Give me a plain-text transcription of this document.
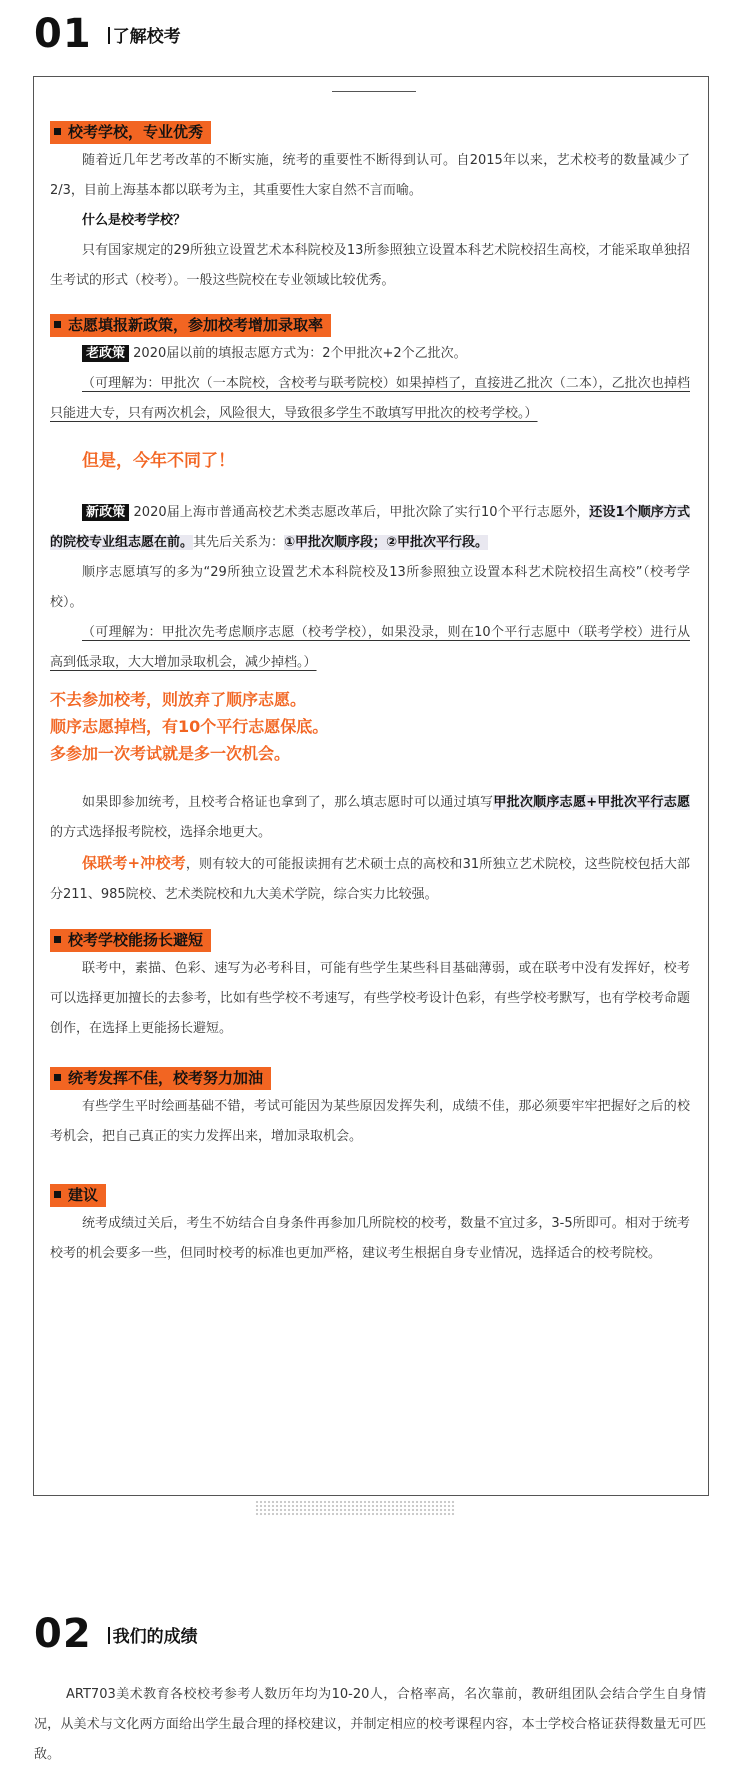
01 了解校考
校考学校，专业优秀
随着近几年艺考改革的不断实施，统考的重要性不断得到认可。自2015年以来，艺术校考的数量减少了2/3，目前上海基本都以联考为主，其重要性大家自然不言而喻。
什么是校考学校？
只有国家规定的29所独立设置艺术本科院校及13所参照独立设置本科艺术院校招生高校，才能采取单独招生考试的形式（校考）。一般这些院校在专业领域比较优秀。
志愿填报新政策，参加校考增加录取率
老政策 2020届以前的填报志愿方式为：2个甲批次+2个乙批次。
（可理解为：甲批次（一本院校，含校考与联考院校）如果掉档了，直接进乙批次（二本），乙批次也掉档只能进大专，只有两次机会，风险很大，导致很多学生不敢填写甲批次的校考学校。）
但是，今年不同了！
新政策 2020届上海市普通高校艺术类志愿改革后，甲批次除了实行10个平行志愿外，还设1个顺序方式的院校专业组志愿在前。其先后关系为：①甲批次顺序段；②甲批次平行段。
顺序志愿填写的多为“29所独立设置艺术本科院校及13所参照独立设置本科艺术院校招生高校”（校考学校）。
（可理解为：甲批次先考虑顺序志愿（校考学校），如果没录，则在10个平行志愿中（联考学校）进行从高到低录取，大大增加录取机会，减少掉档。）
不去参加校考，则放弃了顺序志愿。
顺序志愿掉档，有10个平行志愿保底。
多参加一次考试就是多一次机会。
如果即参加统考，且校考合格证也拿到了，那么填志愿时可以通过填写甲批次顺序志愿+甲批次平行志愿的方式选择报考院校，选择余地更大。
保联考+冲校考，则有较大的可能报读拥有艺术硕士点的高校和31所独立艺术院校，这些院校包括大部分211、985院校、艺术类院校和九大美术学院，综合实力比较强。
校考学校能扬长避短
联考中，素描、色彩、速写为必考科目，可能有些学生某些科目基础薄弱，或在联考中没有发挥好，校考可以选择更加擅长的去参考，比如有些学校不考速写，有些学校考设计色彩，有些学校考默写，也有学校考命题创作，在选择上更能扬长避短。
统考发挥不佳，校考努力加油
有些学生平时绘画基础不错，考试可能因为某些原因发挥失利，成绩不佳，那必须要牢牢把握好之后的校考机会，把自己真正的实力发挥出来，增加录取机会。
建议
统考成绩过关后，考生不妨结合自身条件再参加几所院校的校考，数量不宜过多，3-5所即可。相对于统考校考的机会要多一些，但同时校考的标准也更加严格，建议考生根据自身专业情况，选择适合的校考院校。
02 我们的成绩
ART703美术教育各校校考参考人数历年均为10-20人，合格率高，名次靠前，教研组团队会结合学生自身情况，从美术与文化两方面给出学生最合理的择校建议，并制定相应的校考课程内容，本士学校合格证获得数量无可匹敌。
